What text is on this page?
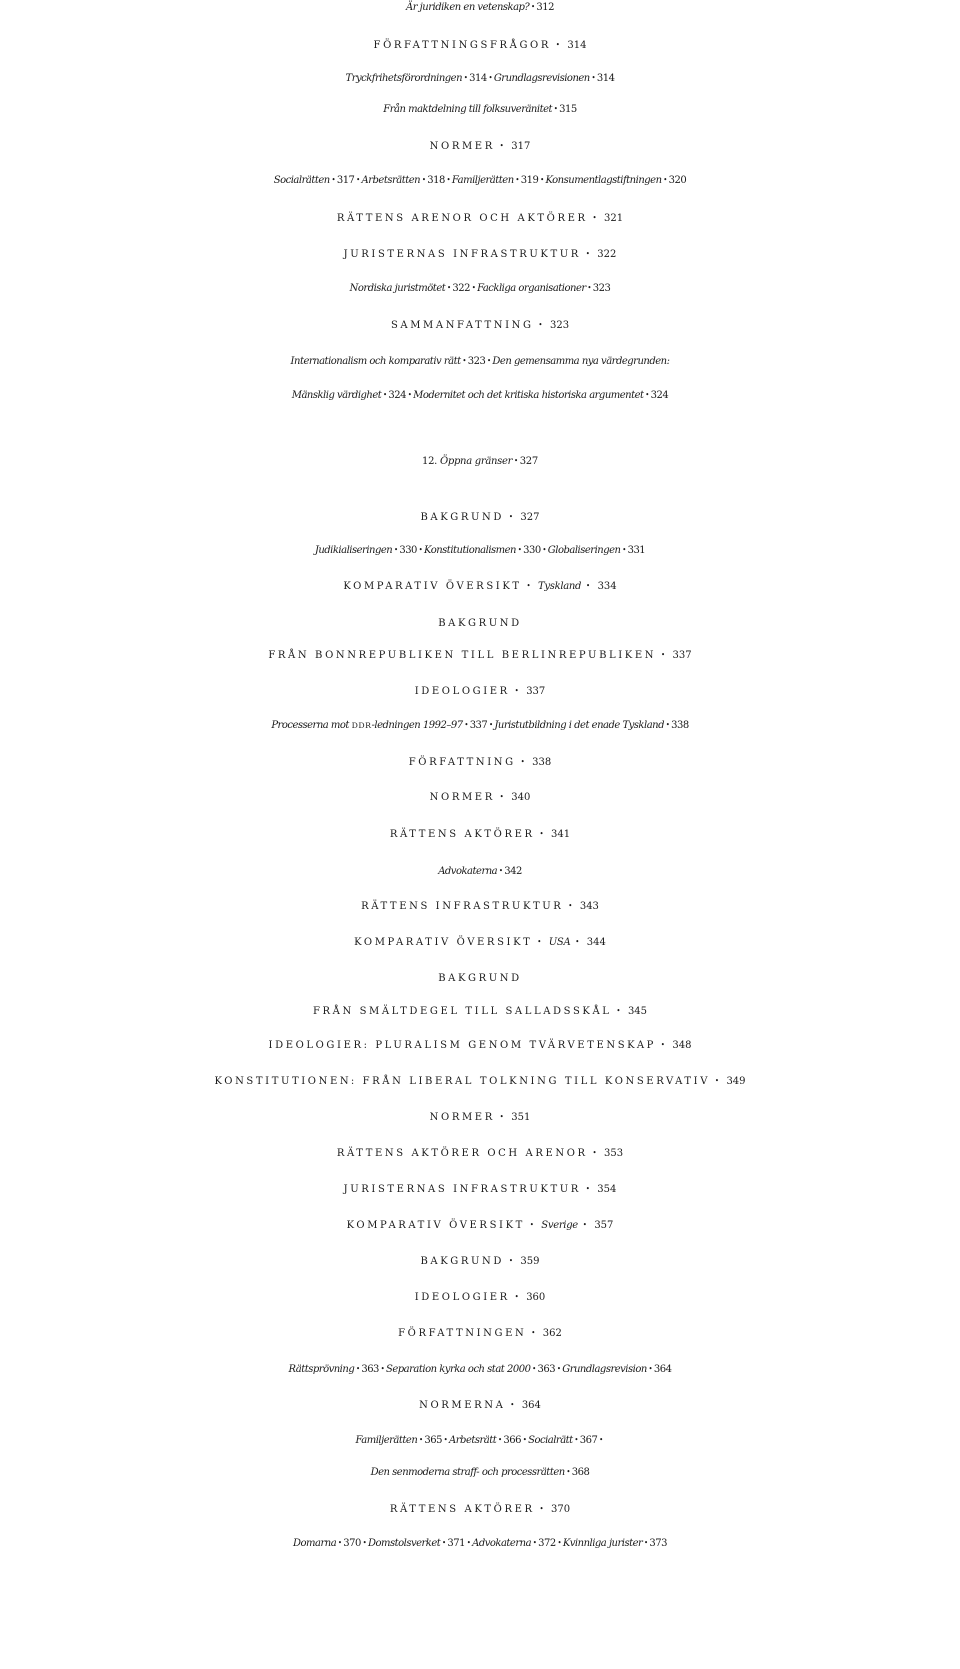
Är juridiken en vetenskap? • 312
FÖRFATTNINGSFRÅGOR • 314
Tryckfrihetsförordningen • 314 • Grundlagsrevisionen • 314
Från maktdelning till folksuveränitet • 315
NORMER • 317
Socialrätten • 317 • Arbetsrätten • 318 • Familjerätten • 319 • Konsumentlagstiftningen • 320
RÄTTENS ARENOR OCH AKTÖRER • 321
JURISTERNAS INFRASTRUKTUR • 322
Nordiska juristmötet • 322 • Fackliga organisationer • 323
SAMMANFATTNING • 323
Internationalism och komparativ rätt • 323 • Den gemensamma nya värdegrunden:
Mänsklig värdighet • 324 • Modernitet och det kritiska historiska argumentet • 324
12. Öppna gränser • 327
BAKGRUND • 327
Judikialiseringen • 330 • Konstitutionalismen • 330 • Globaliseringen • 331
KOMPARATIV ÖVERSIKT • Tyskland • 334
BAKGRUND
FRÅN BONNREPUBLIKEN TILL BERLINREPUBLIKEN • 337
IDEOLOGIER • 337
Processerna mot DDR-ledningen 1992–97 • 337 • Juristutbildning i det enade Tyskland • 338
FÖRFATTNING • 338
NORMER • 340
RÄTTENS AKTÖRER • 341
Advokaterna • 342
RÄTTENS INFRASTRUKTUR • 343
KOMPARATIV ÖVERSIKT • USA • 344
BAKGRUND
FRÅN SMÄLTDEGEL TILL SALLADSSKÅL • 345
IDEOLOGIER: PLURALISM GENOM TVÄRVETENSKAP • 348
KONSTITUTIONEN: FRÅN LIBERAL TOLKNING TILL KONSERVATIV • 349
NORMER • 351
RÄTTENS AKTÖRER OCH ARENOR • 353
JURISTERNAS INFRASTRUKTUR • 354
KOMPARATIV ÖVERSIKT • Sverige • 357
BAKGRUND • 359
IDEOLOGIER • 360
FÖRFATTNINGEN • 362
Rättsprövning • 363 • Separation kyrka och stat 2000 • 363 • Grundlagsrevision • 364
NORMERNA • 364
Familjerätten • 365 • Arbetsrätt • 366 • Socialrätt • 367 •
Den senmoderna straff- och processrätten • 368
RÄTTENS AKTÖRER • 370
Domarna • 370 • Domstolsverket • 371 • Advokaterna • 372 • Kvinnliga jurister • 373
